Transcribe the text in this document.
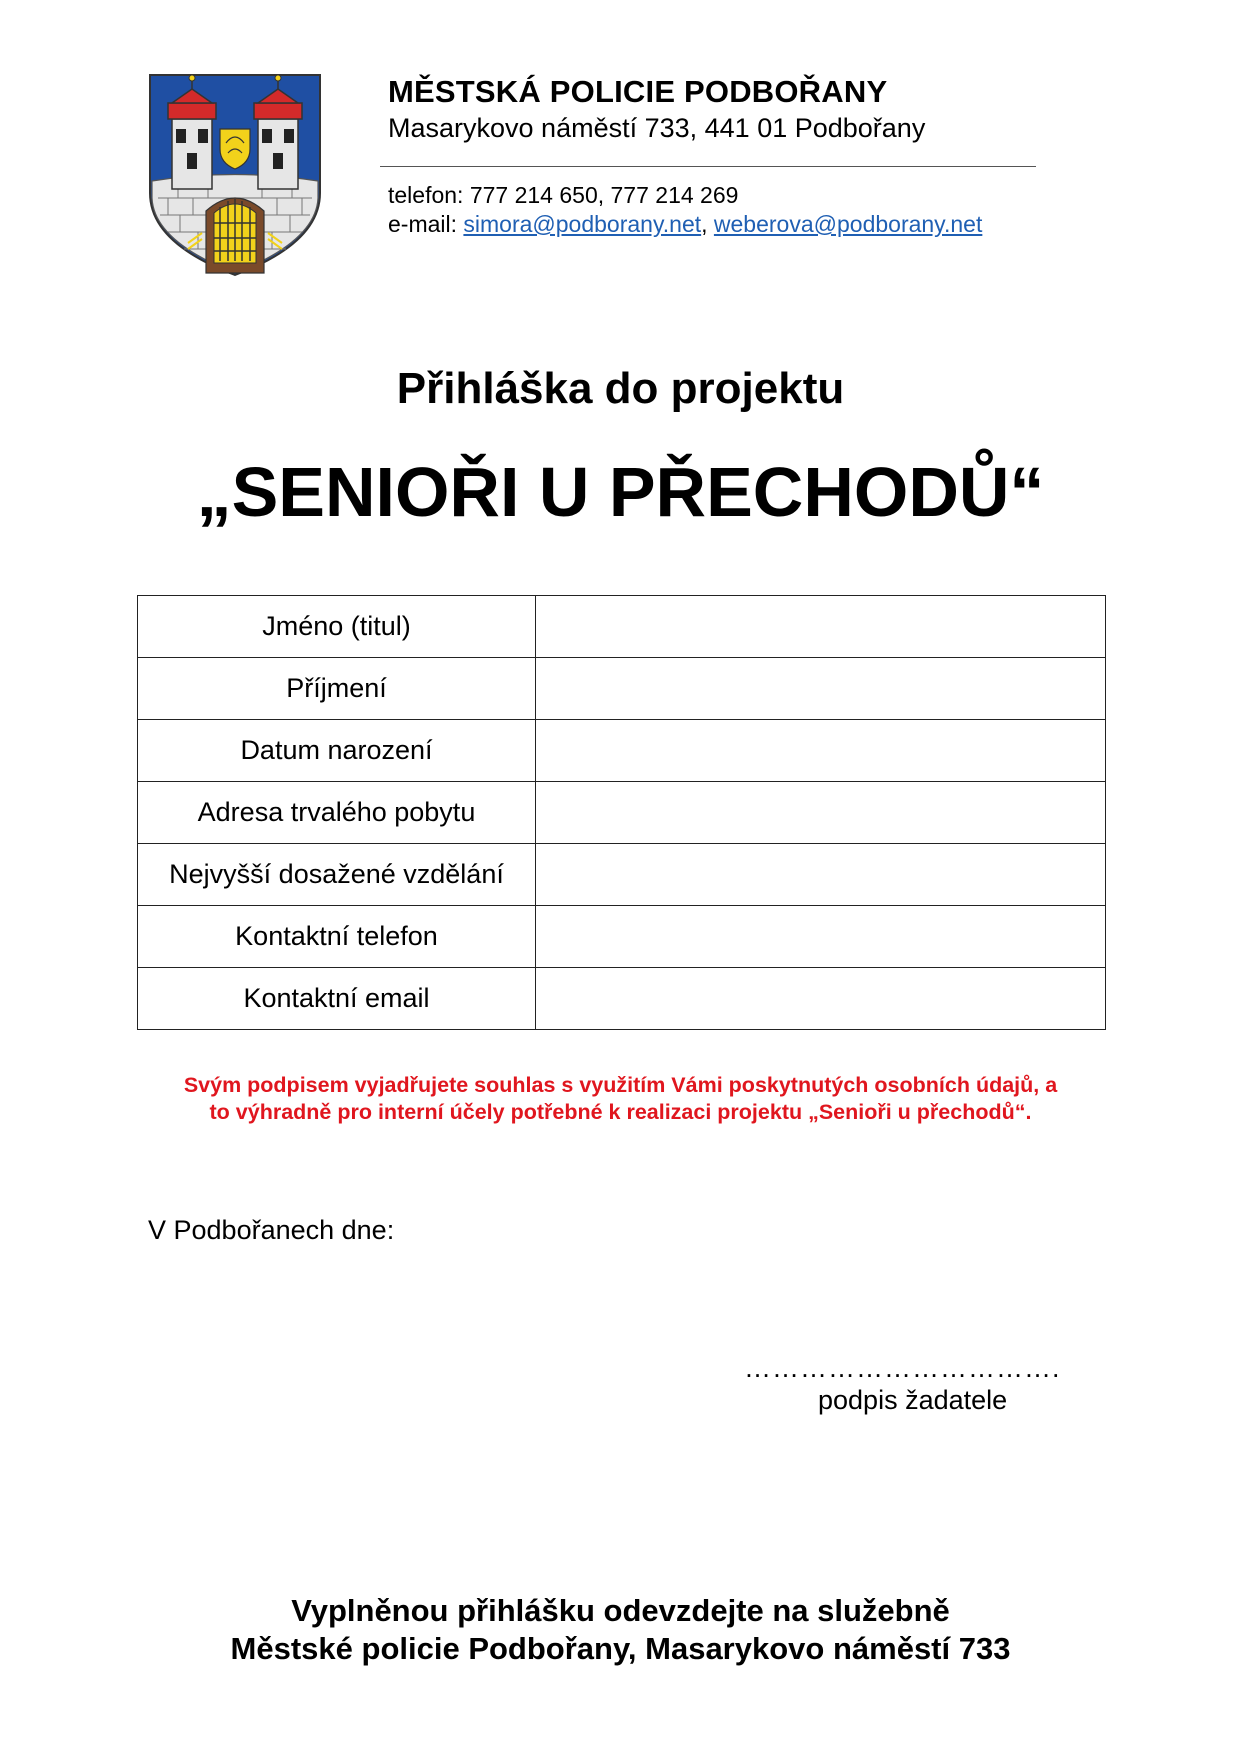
MĚSTSKÁ POLICIE PODBOŘANY
Masarykovo náměstí 733, 441 01 Podbořany
telefon: 777 214 650, 777 214 269
e-mail: simora@podborany.net, weberova@podborany.net
Přihláška do projektu
„SENIOŘI U PŘECHODŮ“
Jméno (titul)	
Příjmení	
Datum narození	
Adresa trvalého pobytu	
Nejvyšší dosažené vzdělání	
Kontaktní telefon	
Kontaktní email	
Svým podpisem vyjadřujete souhlas s využitím Vámi poskytnutých osobních údajů, a
to výhradně pro interní účely potřebné k realizaci projektu „Senioři u přechodů“.
V Podbořanech dne:
…………………………….
podpis žadatele
Vyplněnou přihlášku odevzdejte na služebně
Městské policie Podbořany, Masarykovo náměstí 733
